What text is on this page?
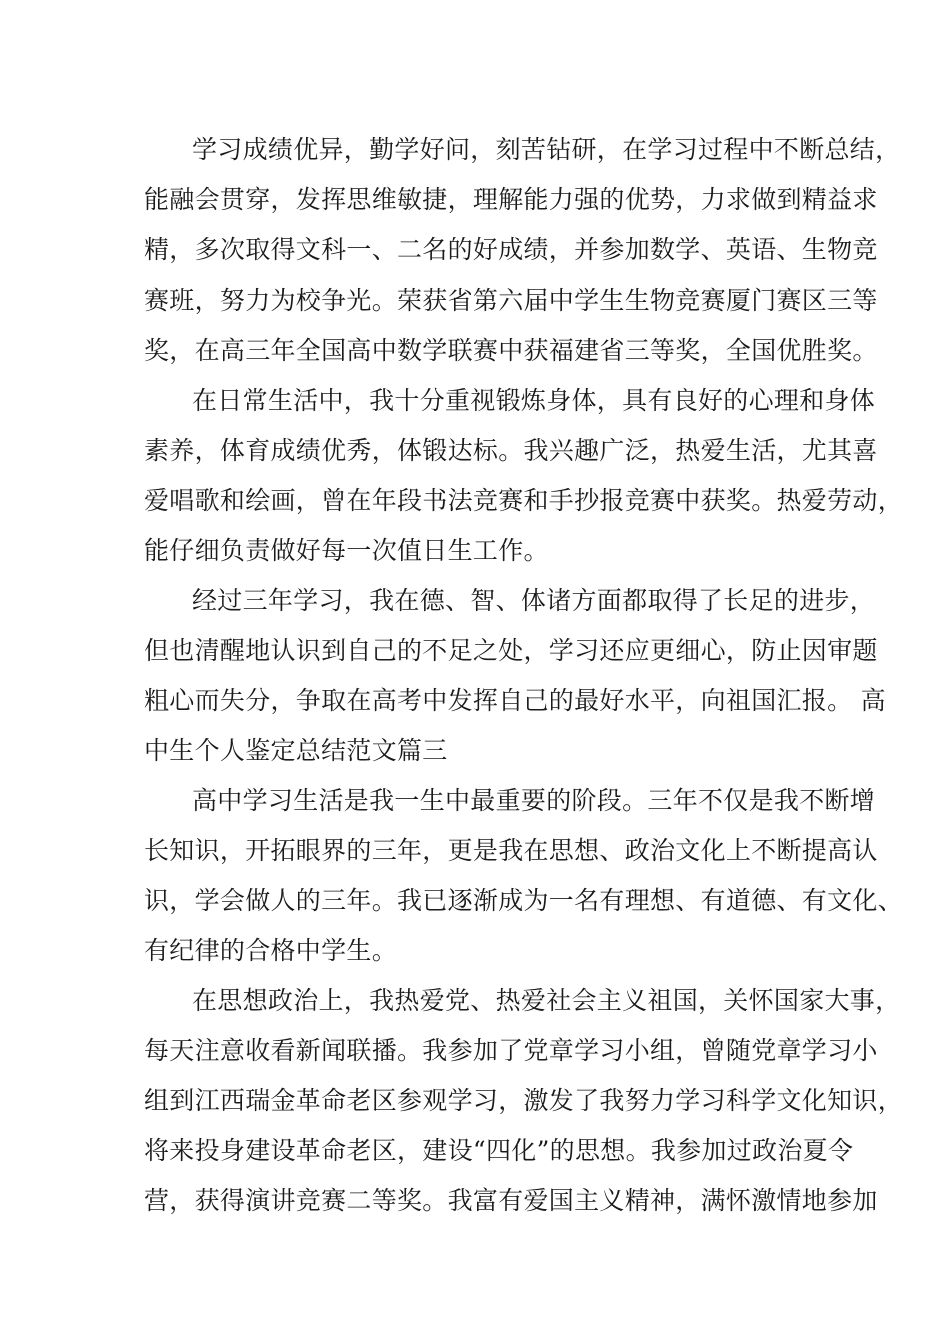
学习成绩优异，勤学好问，刻苦钻研，在学习过程中不断总结，
能融会贯穿，发挥思维敏捷，理解能力强的优势，力求做到精益求
精，多次取得文科一、二名的好成绩，并参加数学、英语、生物竞
赛班，努力为校争光。荣获省第六届中学生生物竞赛厦门赛区三等
奖，在高三年全国高中数学联赛中获福建省三等奖，全国优胜奖。
在日常生活中，我十分重视锻炼身体，具有良好的心理和身体
素养，体育成绩优秀，体锻达标。我兴趣广泛，热爱生活，尤其喜
爱唱歌和绘画，曾在年段书法竞赛和手抄报竞赛中获奖。热爱劳动，
能仔细负责做好每一次值日生工作。
经过三年学习，我在德、智、体诸方面都取得了长足的进步，
但也清醒地认识到自己的不足之处，学习还应更细心，防止因审题
粗心而失分，争取在高考中发挥自己的最好水平，向祖国汇报。 高
中生个人鉴定总结范文篇三
高中学习生活是我一生中最重要的阶段。三年不仅是我不断增
长知识，开拓眼界的三年，更是我在思想、政治文化上不断提高认
识，学会做人的三年。我已逐渐成为一名有理想、有道德、有文化、
有纪律的合格中学生。
在思想政治上，我热爱党、热爱社会主义祖国，关怀国家大事，
每天注意收看新闻联播。我参加了党章学习小组，曾随党章学习小
组到江西瑞金革命老区参观学习，激发了我努力学习科学文化知识，
将来投身建设革命老区，建设“四化”的思想。我参加过政治夏令
营，获得演讲竞赛二等奖。我富有爱国主义精神，满怀激情地参加
